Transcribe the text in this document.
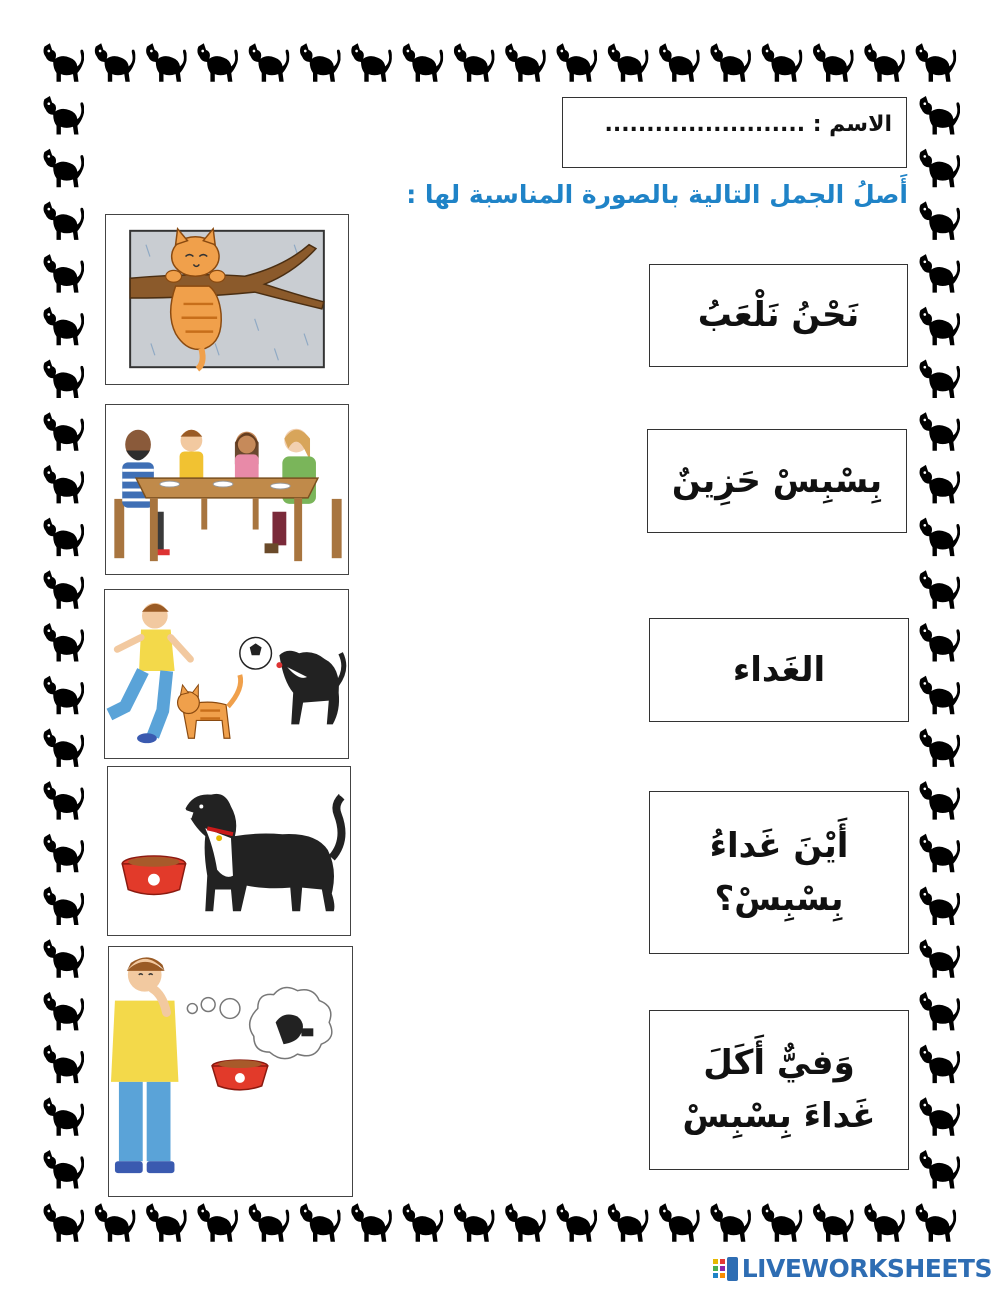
الاسم : ........................
أَصلُ الجمل التالية بالصورة المناسبة لها :
نَحْنُ نَلْعَبُ
بِسْبِسْ حَزِينٌ
الغَداء
أَيْنَ غَداءُ بِسْبِسْ؟
وَفيٌّ أَكَلَ غَداءَ بِسْبِسْ
LIVEWORKSHEETS
